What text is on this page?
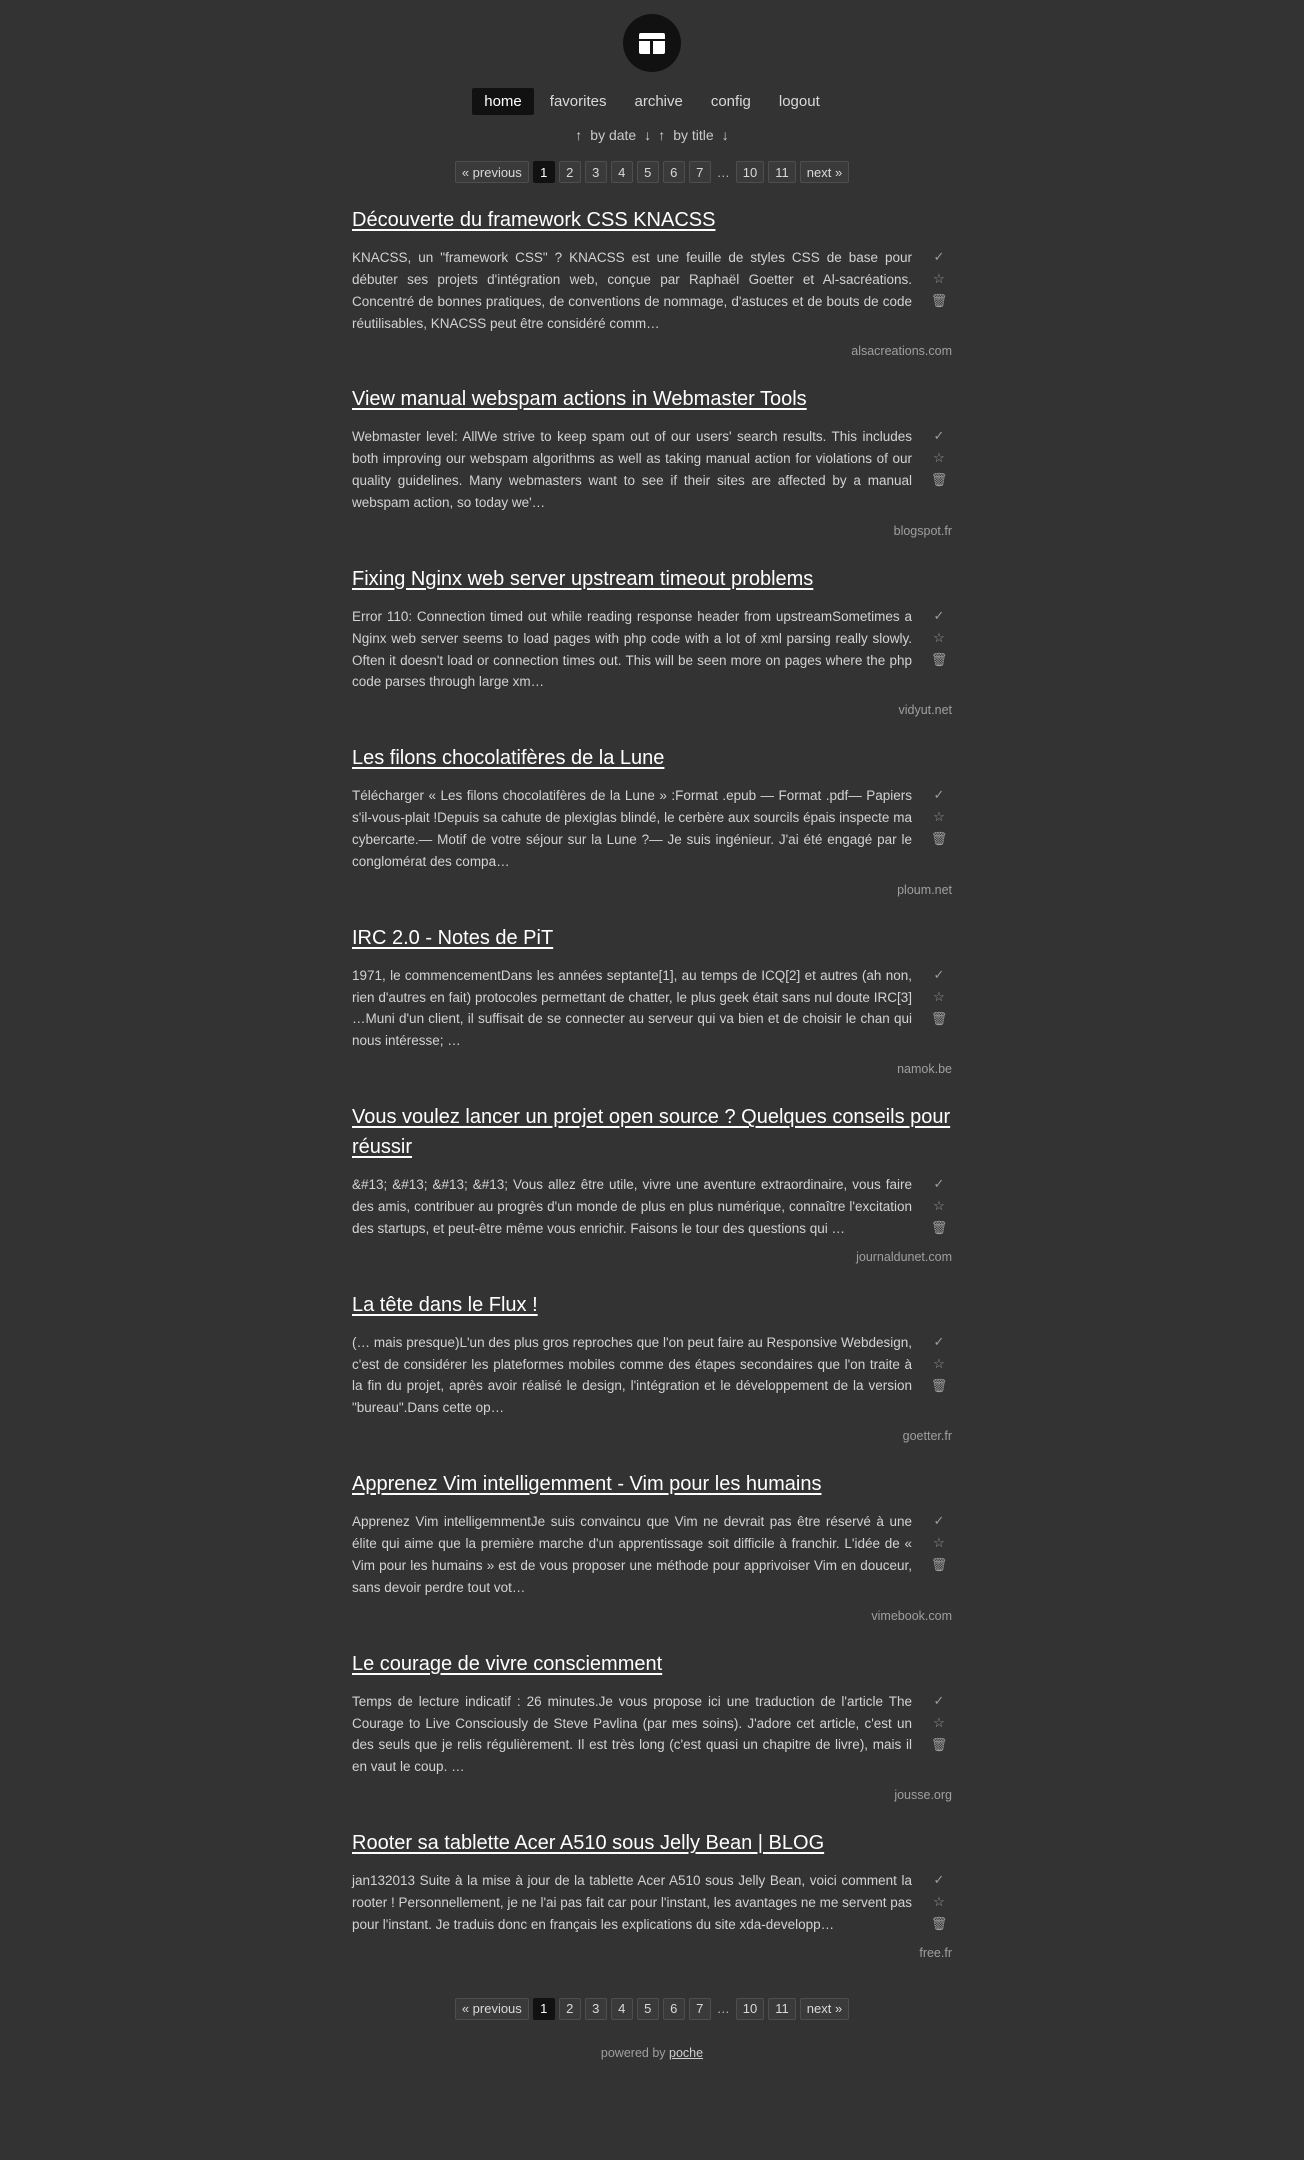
home	favorites	archive	config	logout
↑ by date ↓ ↑ by title ↓
« previous	1	2	3	4	5	6	7	…	10	11	next »
Découverte du framework CSS KNACSS
KNACSS, un "framework CSS" ? KNACSS est une feuille de styles CSS de base pour débuter ses projets d'intégration web, conçue par Raphaël Goetter et Al-sacréations. Concentré de bonnes pratiques, de conventions de nommage, d'astuces et de bouts de code réutilisables, KNACSS peut être considéré comm…
✓
☆
🗑
alsacreations.com
View manual webspam actions in Webmaster Tools
Webmaster level: AllWe strive to keep spam out of our users' search results. This includes both improving our webspam algorithms as well as taking manual action for violations of our quality guidelines. Many webmasters want to see if their sites are affected by a manual webspam action, so today we'…
✓
☆
🗑
blogspot.fr
Fixing Nginx web server upstream timeout problems
Error 110: Connection timed out while reading response header from upstreamSometimes a Nginx web server seems to load pages with php code with a lot of xml parsing really slowly. Often it doesn't load or connection times out. This will be seen more on pages where the php code parses through large xm…
✓
☆
🗑
vidyut.net
Les filons chocolatifères de la Lune
Télécharger « Les filons chocolatifères de la Lune » :Format .epub — Format .pdf— Papiers s'il-vous-plait !Depuis sa cahute de plexiglas blindé, le cerbère aux sourcils épais inspecte ma cybercarte.— Motif de votre séjour sur la Lune ?— Je suis ingénieur. J'ai été engagé par le conglomérat des compa…
✓
☆
🗑
ploum.net
IRC 2.0 - Notes de PiT
1971, le commencementDans les années septante[1], au temps de ICQ[2] et autres (ah non, rien d'autres en fait) protocoles permettant de chatter, le plus geek était sans nul doute IRC[3] …Muni d'un client, il suffisait de se connecter au serveur qui va bien et de choisir le chan qui nous intéresse; …
✓
☆
🗑
namok.be
Vous voulez lancer un projet open source ? Quelques conseils pour réussir
&#13; &#13; &#13; &#13; Vous allez être utile, vivre une aventure extraordinaire, vous faire des amis, contribuer au progrès d'un monde de plus en plus numérique, connaître l'excitation des startups, et peut-être même vous enrichir. Faisons le tour des questions qui …
✓
☆
🗑
journaldunet.com
La tête dans le Flux !
(… mais presque)L'un des plus gros reproches que l'on peut faire au Responsive Webdesign, c'est de considérer les plateformes mobiles comme des étapes secondaires que l'on traite à la fin du projet, après avoir réalisé le design, l'intégration et le développement de la version "bureau".Dans cette op…
✓
☆
🗑
goetter.fr
Apprenez Vim intelligemment - Vim pour les humains
Apprenez Vim intelligemmentJe suis convaincu que Vim ne devrait pas être réservé à une élite qui aime que la première marche d'un apprentissage soit difficile à franchir. L'idée de « Vim pour les humains » est de vous proposer une méthode pour apprivoiser Vim en douceur, sans devoir perdre tout vot…
✓
☆
🗑
vimebook.com
Le courage de vivre consciemment
Temps de lecture indicatif : 26 minutes.Je vous propose ici une traduction de l'article The Courage to Live Consciously de Steve Pavlina (par mes soins). J'adore cet article, c'est un des seuls que je relis régulièrement. Il est très long (c'est quasi un chapitre de livre), mais il en vaut le coup. …
✓
☆
🗑
jousse.org
Rooter sa tablette Acer A510 sous Jelly Bean | BLOG
jan132013 Suite à la mise à jour de la tablette Acer A510 sous Jelly Bean, voici comment la rooter ! Personnellement, je ne l'ai pas fait car pour l'instant, les avantages ne me servent pas pour l'instant. Je traduis donc en français les explications du site xda-developp…
✓
☆
🗑
free.fr
« previous	1	2	3	4	5	6	7	…	10	11	next »
powered by poche
